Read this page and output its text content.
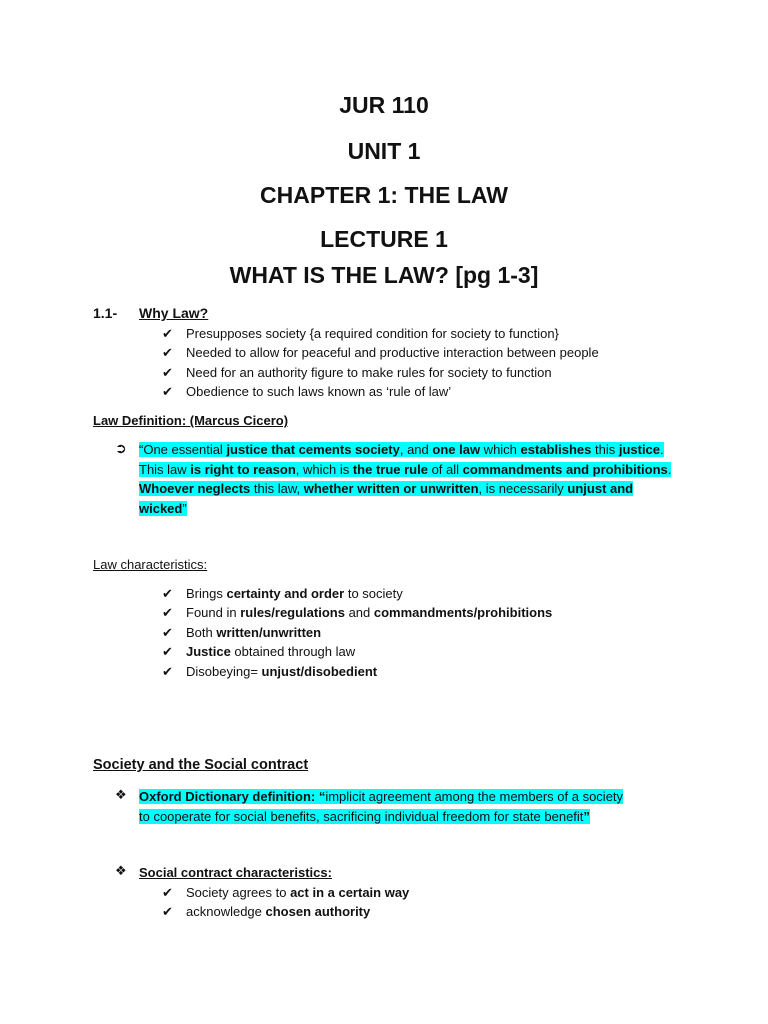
JUR 110
UNIT 1
CHAPTER 1: THE LAW
LECTURE 1
WHAT IS THE LAW? [pg 1-3]
1.1- Why Law?
✔ Presupposes society {a required condition for society to function}
✔ Needed to allow for peaceful and productive interaction between people
✔ Need for an authority figure to make rules for society to function
✔ Obedience to such laws known as ‘rule of law’
Law Definition: (Marcus Cicero)
➲ “One essential justice that cements society, and one law which establishes this justice. This law is right to reason, which is the true rule of all commandments and prohibitions. Whoever neglects this law, whether written or unwritten, is necessarily unjust and wicked”
Law characteristics:
✔ Brings certainty and order to society
✔ Found in rules/regulations and commandments/prohibitions
✔ Both written/unwritten
✔ Justice obtained through law
✔ Disobeying= unjust/disobedient
Society and the Social contract
❖ Oxford Dictionary definition: “implicit agreement among the members of a society
to cooperate for social benefits, sacrificing individual freedom for state benefit”
❖ Social contract characteristics:
✔ Society agrees to act in a certain way
✔ acknowledge chosen authority
